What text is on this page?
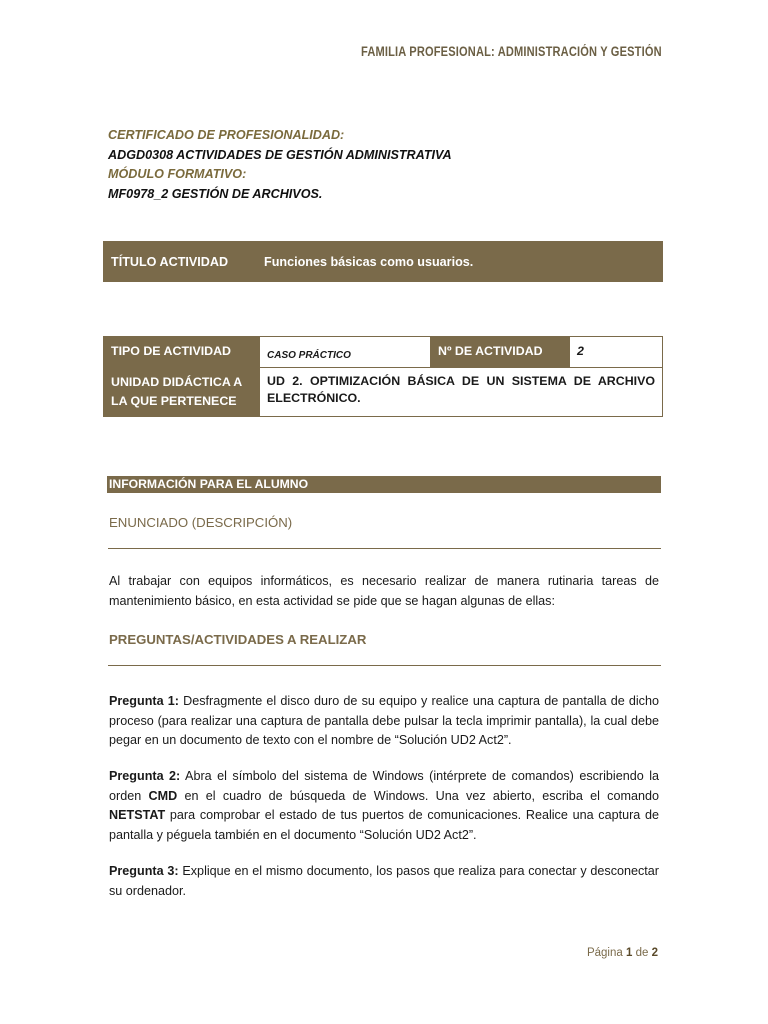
FAMILIA PROFESIONAL: ADMINISTRACIÓN Y GESTIÓN
CERTIFICADO DE PROFESIONALIDAD:
ADGD0308 ACTIVIDADES DE GESTIÓN ADMINISTRATIVA
MÓDULO FORMATIVO:
MF0978_2 GESTIÓN DE ARCHIVOS.
TÍTULO ACTIVIDAD	Funciones básicas como usuarios.
TIPO DE ACTIVIDAD	CASO PRÁCTICO	Nº DE ACTIVIDAD	2

UNIDAD DIDÁCTICA A LA QUE PERTENECE	UD 2. OPTIMIZACIÓN BÁSICA DE UN SISTEMA DE ARCHIVO ELECTRÓNICO.		
INFORMACIÓN PARA EL ALUMNO
ENUNCIADO (DESCRIPCIÓN)
Al trabajar con equipos informáticos, es necesario realizar de manera rutinaria tareas de mantenimiento básico, en esta actividad se pide que se hagan algunas de ellas:
PREGUNTAS/ACTIVIDADES A REALIZAR
Pregunta 1: Desfragmente el disco duro de su equipo y realice una captura de pantalla de dicho proceso (para realizar una captura de pantalla debe pulsar la tecla imprimir pantalla), la cual debe pegar en un documento de texto con el nombre de “Solución UD2 Act2”.
Pregunta 2: Abra el símbolo del sistema de Windows (intérprete de comandos) escribiendo la orden CMD en el cuadro de búsqueda de Windows. Una vez abierto, escriba el comando NETSTAT para comprobar el estado de tus puertos de comunicaciones. Realice una captura de pantalla y péguela también en el documento “Solución UD2 Act2”.
Pregunta 3: Explique en el mismo documento, los pasos que realiza para conectar y desconectar su ordenador.
Página 1 de 2
